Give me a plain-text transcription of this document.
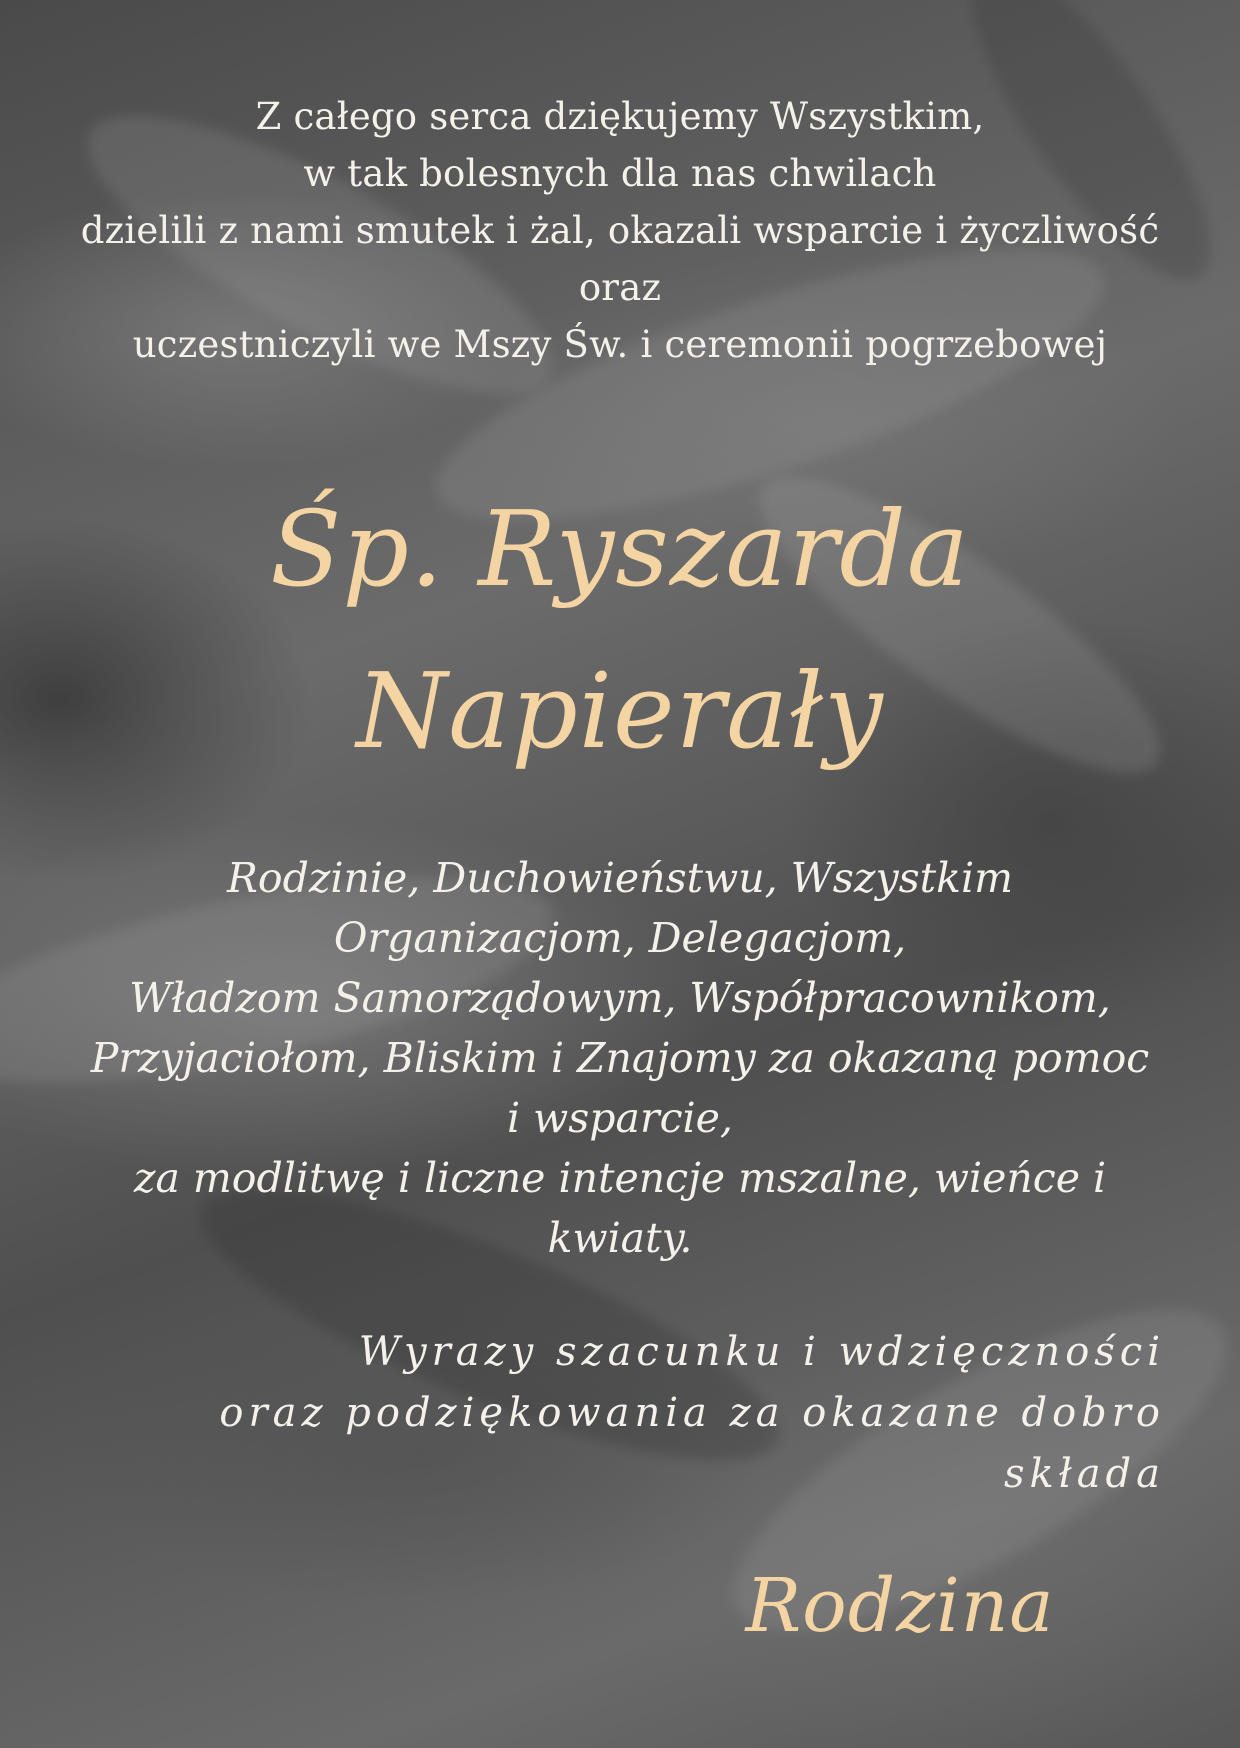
Z całego serca dziękujemy Wszystkim,
w tak bolesnych dla nas chwilach
dzielili z nami smutek i żal, okazali wsparcie i życzliwość
oraz
uczestniczyli we Mszy Św. i ceremonii pogrzebowej
Śp. Ryszarda
Napierały
Rodzinie, Duchowieństwu, Wszystkim
Organizacjom, Delegacjom,
Władzom Samorządowym, Współpracownikom,
Przyjaciołom, Bliskim i Znajomy za okazaną pomoc
i wsparcie,
za modlitwę i liczne intencje mszalne, wieńce i
kwiaty.
Wyrazy szacunku i wdzięczności
oraz podziękowania za okazane dobro
składa
Rodzina
